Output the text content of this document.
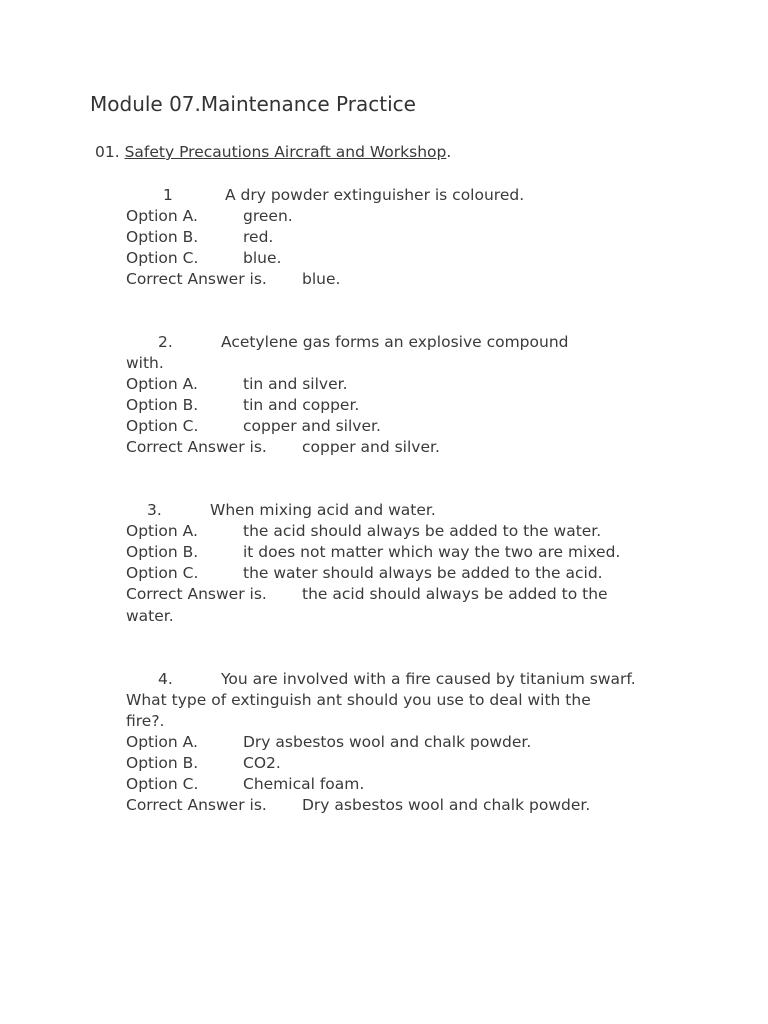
Module 07.Maintenance Practice
01. Safety Precautions Aircraft and Workshop.
1	A dry powder extinguisher is coloured.
Option A.	green.
Option B.	red.
Option C.	blue.
Correct Answer is. blue.
2.	Acetylene gas forms an explosive compound
with.
Option A.	tin and silver.
Option B.	tin and copper.
Option C.	copper and silver.
Correct Answer is. copper and silver.
3.	When mixing acid and water.
Option A.	the acid should always be added to the water.
Option B.	it does not matter which way the two are mixed.
Option C.	the water should always be added to the acid.
Correct Answer is. the acid should always be added to the
water.
4.	You are involved with a fire caused by titanium swarf.
What type of extinguish ant should you use to deal with the
fire?.
Option A.	Dry asbestos wool and chalk powder.
Option B.	CO2.
Option C.	Chemical foam.
Correct Answer is. Dry asbestos wool and chalk powder.
